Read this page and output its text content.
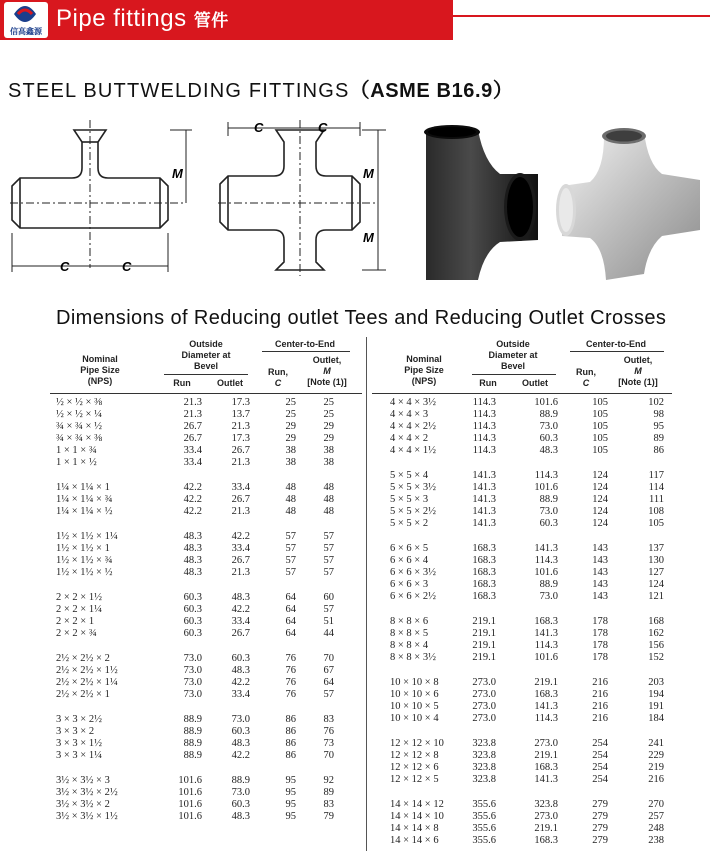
信高鑫源 Pipe fittings 管件
STEEL BUTTWELDING FITTINGS（ASME B16.9）
C	C
M
C	C
M
M
Dimensions of Reducing outlet Tees and Reducing Outlet Crosses
Nominal
Pipe Size
(NPS)
Outside
Diameter at
Bevel
Run	Outlet
Center-to-End
Run,
C
Outlet,
M
[Note (1)]
½ × ½ × ⅜	21.3	17.3	25	25
½ × ½ × ¼	21.3	13.7	25	25
¾ × ¾ × ½	26.7	21.3	29	29
¾ × ¾ × ⅜	26.7	17.3	29	29
1 × 1 × ¾	33.4	26.7	38	38
1 × 1 × ½	33.4	21.3	38	38
1¼ × 1¼ × 1	42.2	33.4	48	48
1¼ × 1¼ × ¾	42.2	26.7	48	48
1¼ × 1¼ × ½	42.2	21.3	48	48
1½ × 1½ × 1¼	48.3	42.2	57	57
1½ × 1½ × 1	48.3	33.4	57	57
1½ × 1½ × ¾	48.3	26.7	57	57
1½ × 1½ × ½	48.3	21.3	57	57
2 × 2 × 1½	60.3	48.3	64	60
2 × 2 × 1¼	60.3	42.2	64	57
2 × 2 × 1	60.3	33.4	64	51
2 × 2 × ¾	60.3	26.7	64	44
2½ × 2½ × 2	73.0	60.3	76	70
2½ × 2½ × 1½	73.0	48.3	76	67
2½ × 2½ × 1¼	73.0	42.2	76	64
2½ × 2½ × 1	73.0	33.4	76	57
3 × 3 × 2½	88.9	73.0	86	83
3 × 3 × 2	88.9	60.3	86	76
3 × 3 × 1½	88.9	48.3	86	73
3 × 3 × 1¼	88.9	42.2	86	70
3½ × 3½ × 3	101.6	88.9	95	92
3½ × 3½ × 2½	101.6	73.0	95	89
3½ × 3½ × 2	101.6	60.3	95	83
3½ × 3½ × 1½	101.6	48.3	95	79
Nominal
Pipe Size
(NPS)
Outside
Diameter at
Bevel
Run	Outlet
Center-to-End
Run,
C
Outlet,
M
[Note (1)]
4 × 4 × 3½	114.3	101.6	105	102
4 × 4 × 3	114.3	88.9	105	98
4 × 4 × 2½	114.3	73.0	105	95
4 × 4 × 2	114.3	60.3	105	89
4 × 4 × 1½	114.3	48.3	105	86
5 × 5 × 4	141.3	114.3	124	117
5 × 5 × 3½	141.3	101.6	124	114
5 × 5 × 3	141.3	88.9	124	111
5 × 5 × 2½	141.3	73.0	124	108
5 × 5 × 2	141.3	60.3	124	105
6 × 6 × 5	168.3	141.3	143	137
6 × 6 × 4	168.3	114.3	143	130
6 × 6 × 3½	168.3	101.6	143	127
6 × 6 × 3	168.3	88.9	143	124
6 × 6 × 2½	168.3	73.0	143	121
8 × 8 × 6	219.1	168.3	178	168
8 × 8 × 5	219.1	141.3	178	162
8 × 8 × 4	219.1	114.3	178	156
8 × 8 × 3½	219.1	101.6	178	152
10 × 10 × 8	273.0	219.1	216	203
10 × 10 × 6	273.0	168.3	216	194
10 × 10 × 5	273.0	141.3	216	191
10 × 10 × 4	273.0	114.3	216	184
12 × 12 × 10	323.8	273.0	254	241
12 × 12 × 8	323.8	219.1	254	229
12 × 12 × 6	323.8	168.3	254	219
12 × 12 × 5	323.8	141.3	254	216
14 × 14 × 12	355.6	323.8	279	270
14 × 14 × 10	355.6	273.0	279	257
14 × 14 × 8	355.6	219.1	279	248
14 × 14 × 6	355.6	168.3	279	238
